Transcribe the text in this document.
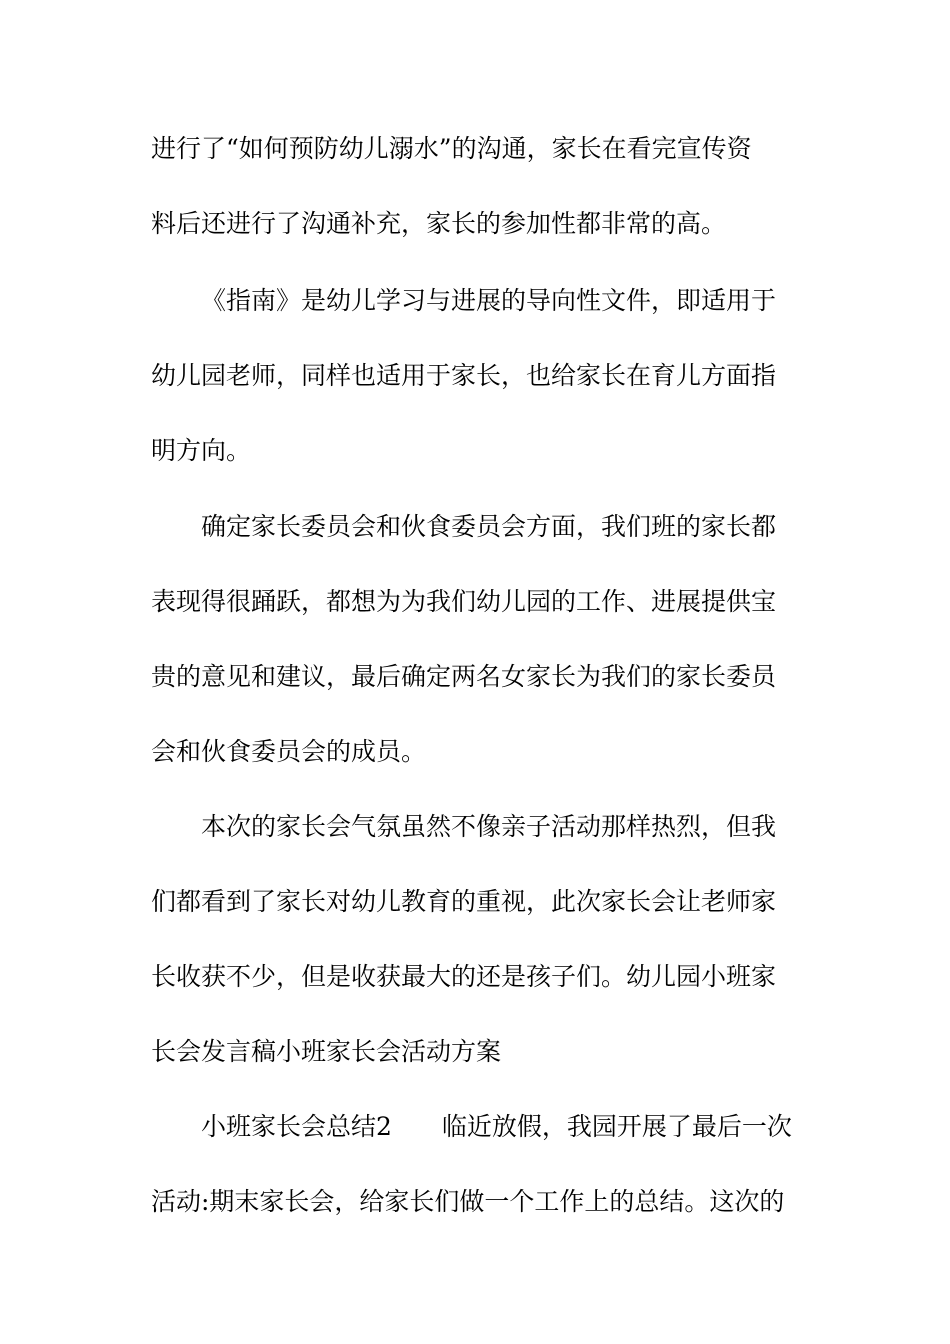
进行了“如何预防幼儿溺水”的沟通，家长在看完宣传资
料后还进行了沟通补充，家长的参加性都非常的高。
《指南》是幼儿学习与进展的导向性文件，即适用于
幼儿园老师，同样也适用于家长，也给家长在育儿方面指
明方向。
确定家长委员会和伙食委员会方面，我们班的家长都
表现得很踊跃，都想为为我们幼儿园的工作、进展提供宝
贵的意见和建议，最后确定两名女家长为我们的家长委员
会和伙食委员会的成员。
本次的家长会气氛虽然不像亲子活动那样热烈，但我
们都看到了家长对幼儿教育的重视，此次家长会让老师家
长收获不少，但是收获最大的还是孩子们。幼儿园小班家
长会发言稿小班家长会活动方案
小班家长会总结2　　临近放假，我园开展了最后一次
活动:期末家长会，给家长们做一个工作上的总结。这次的
